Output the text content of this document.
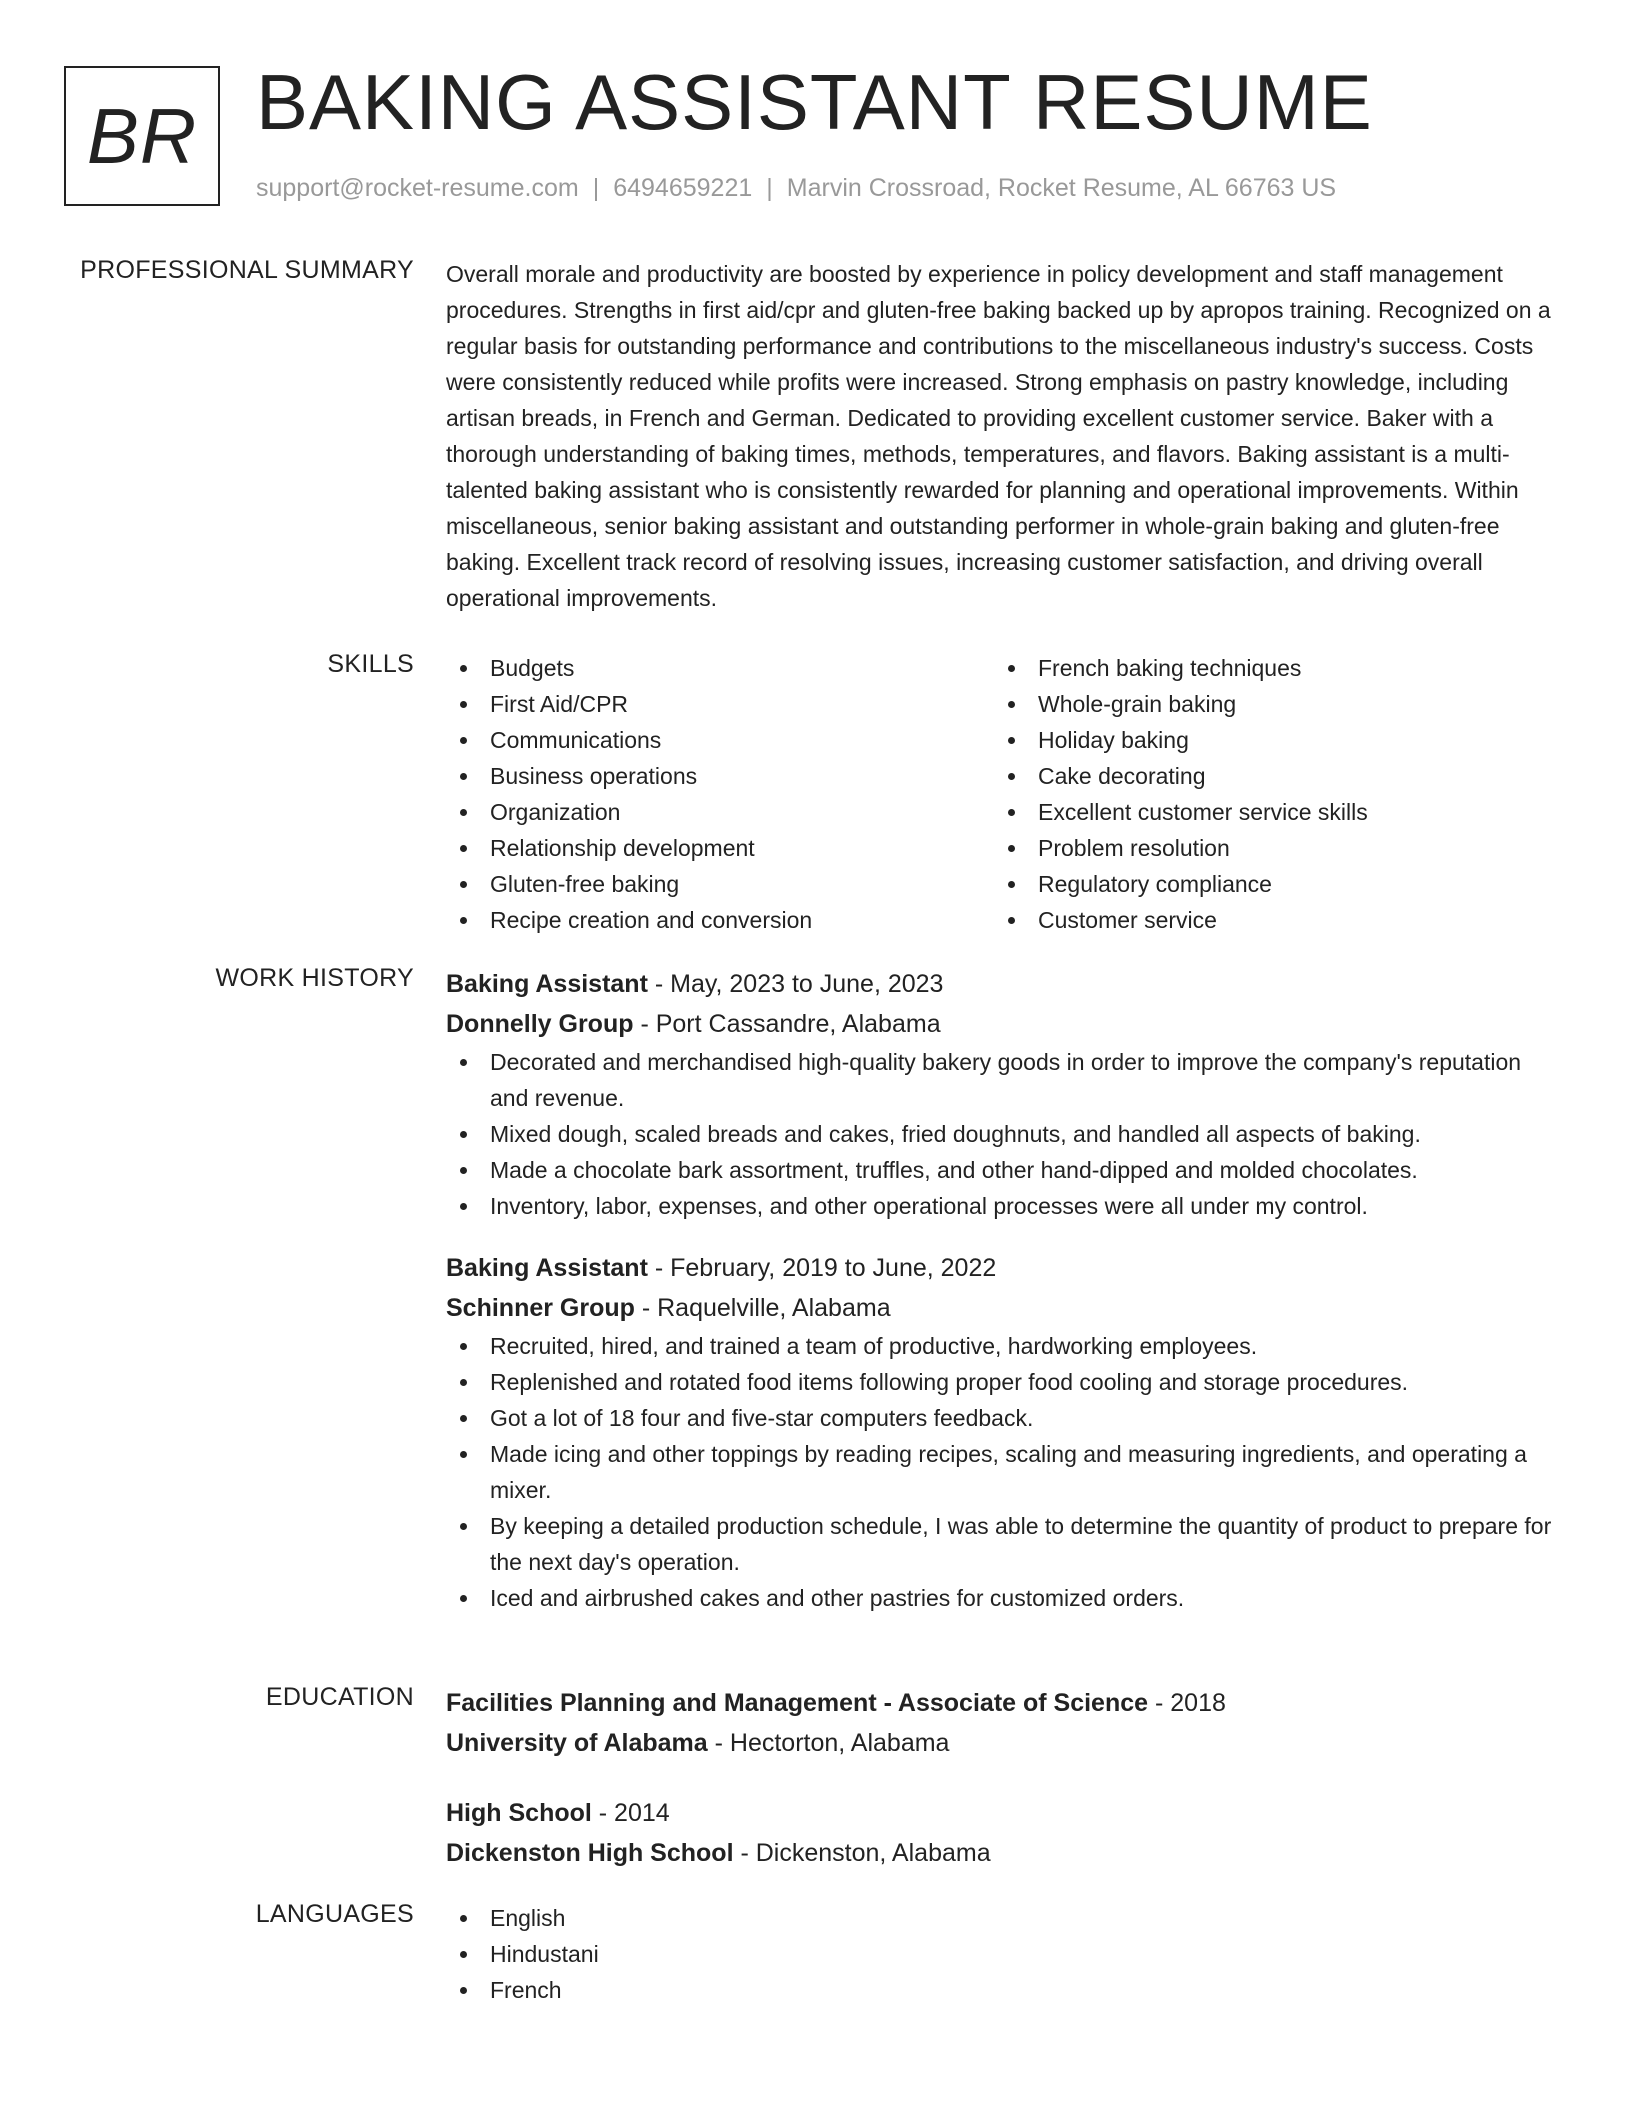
BR BAKING ASSISTANT RESUME
support@rocket-resume.com | 6494659221 | Marvin Crossroad, Rocket Resume, AL 66763 US
PROFESSIONAL SUMMARY Overall morale and productivity are boosted by experience in policy development and staff management procedures. Strengths in first aid/cpr and gluten-free baking backed up by apropos training. Recognized on a regular basis for outstanding performance and contributions to the miscellaneous industry's success. Costs were consistently reduced while profits were increased. Strong emphasis on pastry knowledge, including artisan breads, in French and German. Dedicated to providing excellent customer service. Baker with a thorough understanding of baking times, methods, temperatures, and flavors. Baking assistant is a multi-talented baking assistant who is consistently rewarded for planning and operational improvements. Within miscellaneous, senior baking assistant and outstanding performer in whole-grain baking and gluten-free baking. Excellent track record of resolving issues, increasing customer satisfaction, and driving overall operational improvements.

SKILLS	Budgets
First Aid/CPR
Communications
Business operations
Organization
Relationship development
Gluten-free baking
Recipe creation and conversion
French baking techniques
Whole-grain baking
Holiday baking
Cake decorating
Excellent customer service skills
Problem resolution
Regulatory compliance
Customer service
WORK HISTORY Baking Assistant - May, 2023 to June, 2023
Donnelly Group - Port Cassandre, Alabama
Decorated and merchandised high-quality bakery goods in order to improve the company's reputation and revenue.
Mixed dough, scaled breads and cakes, fried doughnuts, and handled all aspects of baking.
Made a chocolate bark assortment, truffles, and other hand-dipped and molded chocolates.
Inventory, labor, expenses, and other operational processes were all under my control.
Baking Assistant - February, 2019 to June, 2022
Schinner Group - Raquelville, Alabama
Recruited, hired, and trained a team of productive, hardworking employees.
Replenished and rotated food items following proper food cooling and storage procedures.
Got a lot of 18 four and five-star computers feedback.
Made icing and other toppings by reading recipes, scaling and measuring ingredients, and operating a mixer.
By keeping a detailed production schedule, I was able to determine the quantity of product to prepare for the next day's operation.
Iced and airbrushed cakes and other pastries for customized orders.
EDUCATION Facilities Planning and Management - Associate of Science - 2018
University of Alabama - Hectorton, Alabama
High School - 2014
Dickenston High School - Dickenston, Alabama
LANGUAGES	English
Hindustani
French
